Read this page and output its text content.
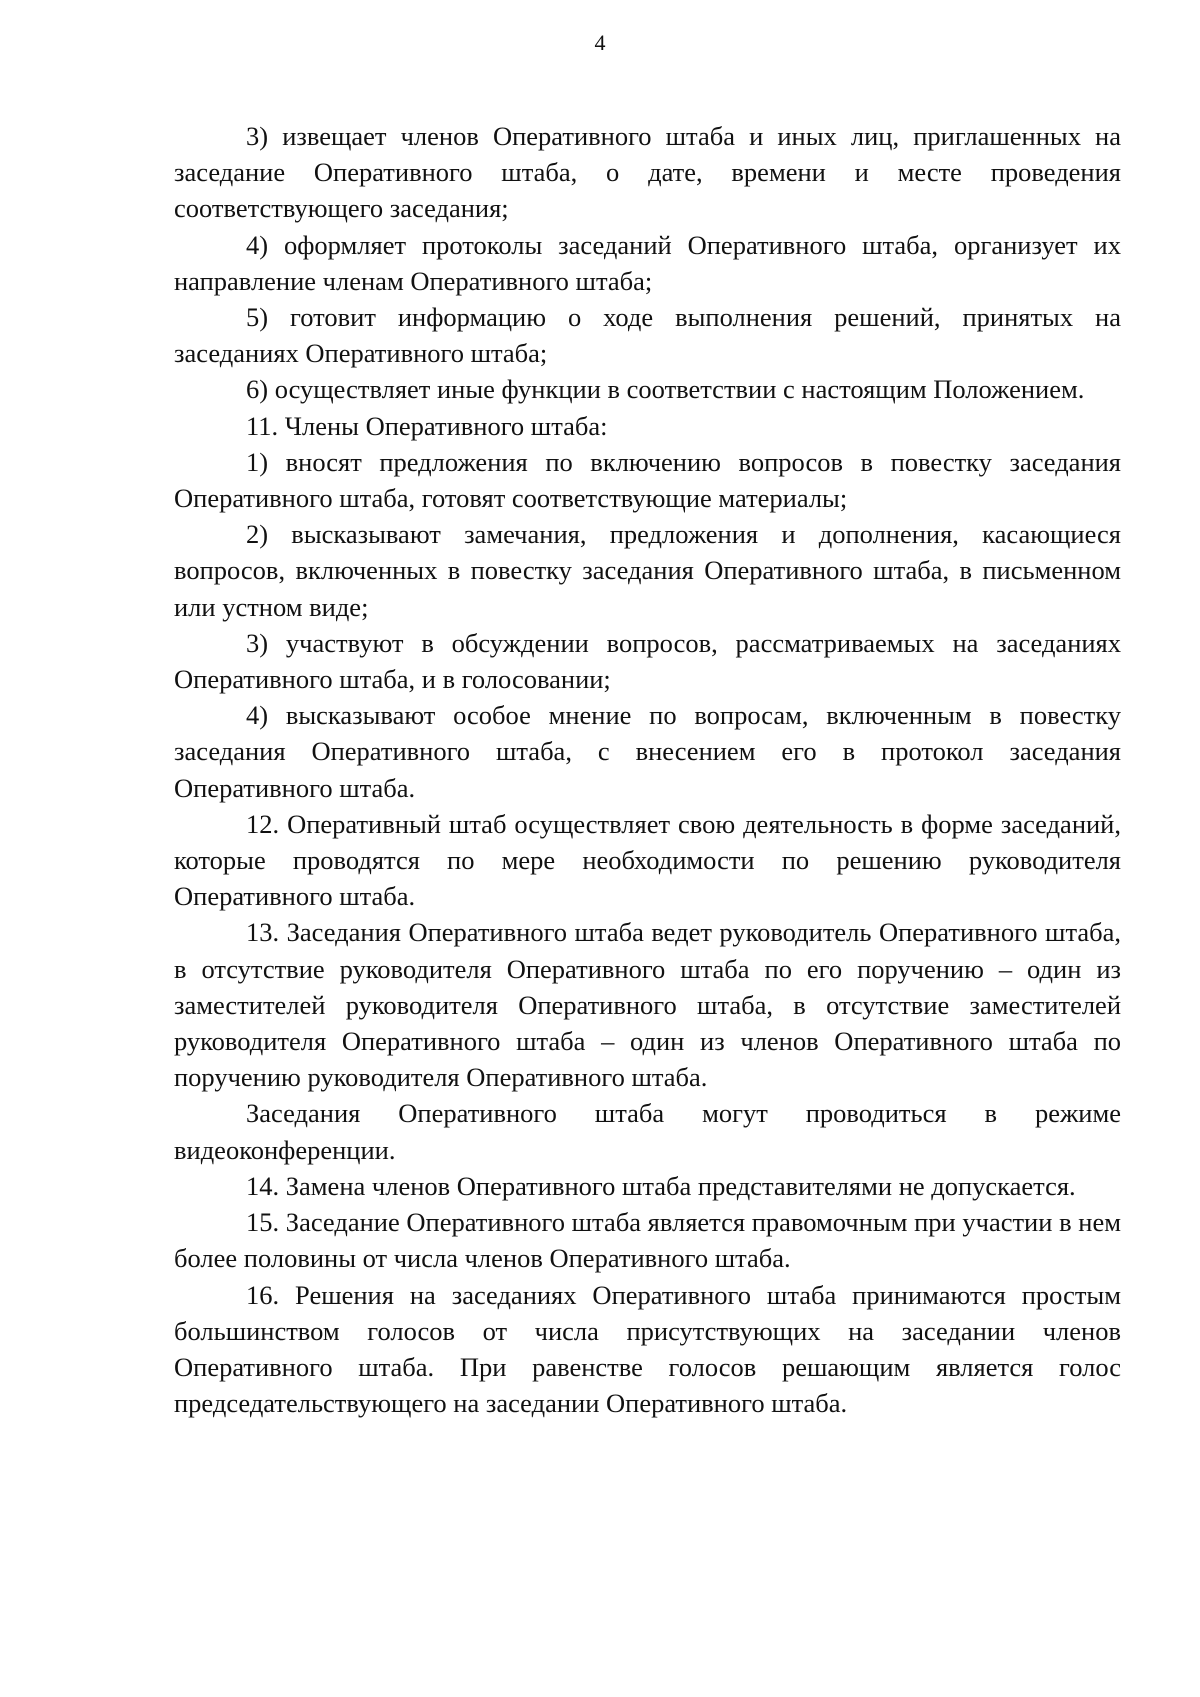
4

3) извещает членов Оперативного штаба и иных лиц, приглашенных на заседание Оперативного штаба, о дате, времени и месте проведения соответствующего заседания;

4) оформляет протоколы заседаний Оперативного штаба, организует их направление членам Оперативного штаба;

5) готовит информацию о ходе выполнения решений, принятых на заседаниях Оперативного штаба;

6) осуществляет иные функции в соответствии с настоящим Положением.

11. Члены Оперативного штаба:

1) вносят предложения по включению вопросов в повестку заседания Оперативного штаба, готовят соответствующие материалы;

2) высказывают замечания, предложения и дополнения, касающиеся вопросов, включенных в повестку заседания Оперативного штаба, в письменном или устном виде;

3) участвуют в обсуждении вопросов, рассматриваемых на заседаниях Оперативного штаба, и в голосовании;

4) высказывают особое мнение по вопросам, включенным в повестку заседания Оперативного штаба, с внесением его в протокол заседания Оперативного штаба.

12. Оперативный штаб осуществляет свою деятельность в форме заседаний, которые проводятся по мере необходимости по решению руководителя Оперативного штаба.

13. Заседания Оперативного штаба ведет руководитель Оперативного штаба, в отсутствие руководителя Оперативного штаба по его поручению – один из заместителей руководителя Оперативного штаба, в отсутствие заместителей руководителя Оперативного штаба – один из членов Оперативного штаба по поручению руководителя Оперативного штаба.

Заседания Оперативного штаба могут проводиться в режиме видеоконференции.

14. Замена членов Оперативного штаба представителями не допускается.

15. Заседание Оперативного штаба является правомочным при участии в нем более половины от числа членов Оперативного штаба.

16. Решения на заседаниях Оперативного штаба принимаются простым большинством голосов от числа присутствующих на заседании членов Оперативного штаба. При равенстве голосов решающим является голос председательствующего на заседании Оперативного штаба.
